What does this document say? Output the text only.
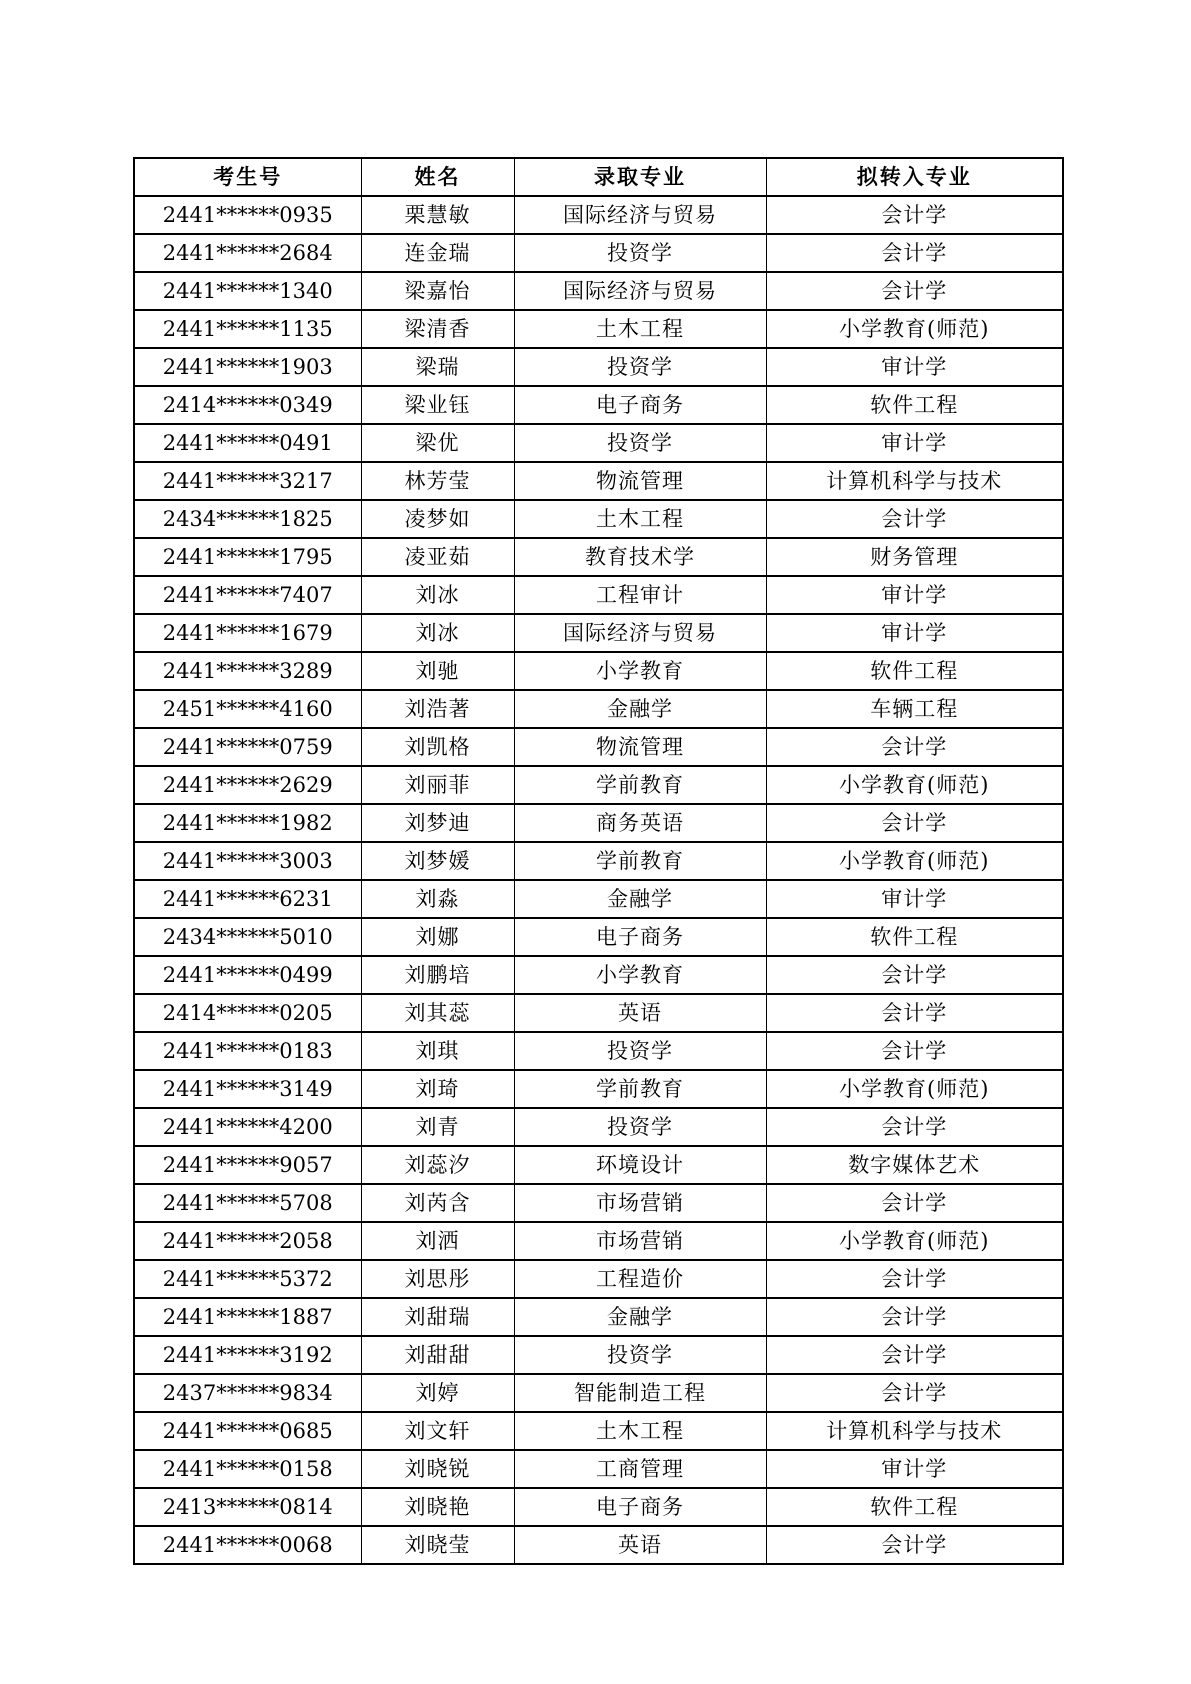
考生号	姓名	录取专业	拟转入专业
2441******0935	栗慧敏	国际经济与贸易	会计学
2441******2684	连金瑞	投资学	会计学
2441******1340	梁嘉怡	国际经济与贸易	会计学
2441******1135	梁清香	土木工程	小学教育(师范)
2441******1903	梁瑞	投资学	审计学
2414******0349	梁业钰	电子商务	软件工程
2441******0491	梁优	投资学	审计学
2441******3217	林芳莹	物流管理	计算机科学与技术
2434******1825	凌梦如	土木工程	会计学
2441******1795	凌亚茹	教育技术学	财务管理
2441******7407	刘冰	工程审计	审计学
2441******1679	刘冰	国际经济与贸易	审计学
2441******3289	刘驰	小学教育	软件工程
2451******4160	刘浩著	金融学	车辆工程
2441******0759	刘凯格	物流管理	会计学
2441******2629	刘丽菲	学前教育	小学教育(师范)
2441******1982	刘梦迪	商务英语	会计学
2441******3003	刘梦媛	学前教育	小学教育(师范)
2441******6231	刘淼	金融学	审计学
2434******5010	刘娜	电子商务	软件工程
2441******0499	刘鹏培	小学教育	会计学
2414******0205	刘其蕊	英语	会计学
2441******0183	刘琪	投资学	会计学
2441******3149	刘琦	学前教育	小学教育(师范)
2441******4200	刘青	投资学	会计学
2441******9057	刘蕊汐	环境设计	数字媒体艺术
2441******5708	刘芮含	市场营销	会计学
2441******2058	刘洒	市场营销	小学教育(师范)
2441******5372	刘思彤	工程造价	会计学
2441******1887	刘甜瑞	金融学	会计学
2441******3192	刘甜甜	投资学	会计学
2437******9834	刘婷	智能制造工程	会计学
2441******0685	刘文轩	土木工程	计算机科学与技术
2441******0158	刘晓锐	工商管理	审计学
2413******0814	刘晓艳	电子商务	软件工程
2441******0068	刘晓莹	英语	会计学
